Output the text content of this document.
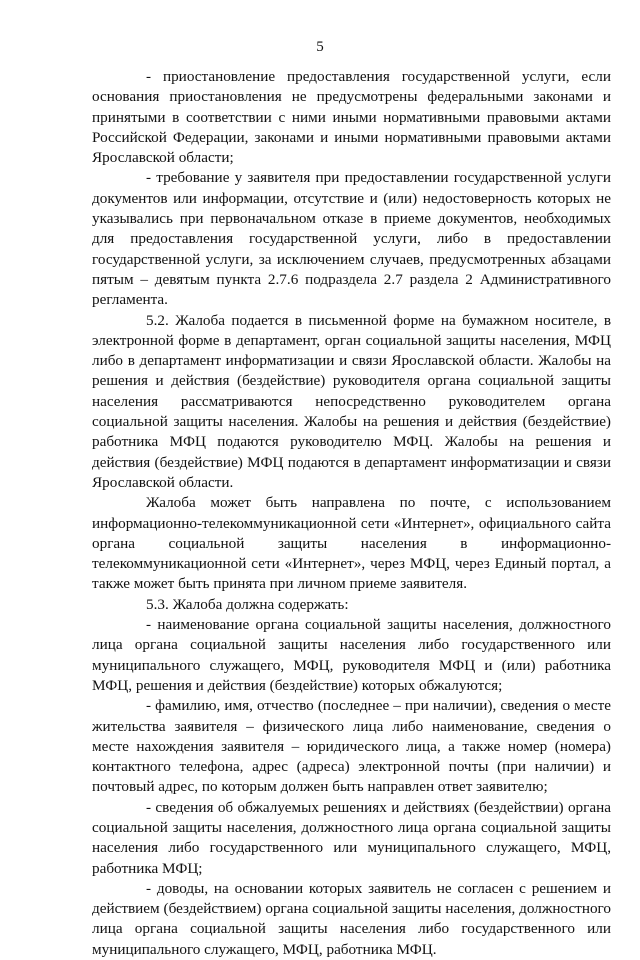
5

- приостановление предоставления государственной услуги, если основания приостановления не предусмотрены федеральными законами и принятыми в соответствии с ними иными нормативными правовыми актами Российской Федерации, законами и иными нормативными правовыми актами Ярославской области;

- требование у заявителя при предоставлении государственной услуги документов или информации, отсутствие и (или) недостоверность которых не указывались при первоначальном отказе в приеме документов, необходимых для предоставления государственной услуги, либо в предоставлении государственной услуги, за исключением случаев, предусмотренных абзацами пятым – девятым пункта 2.7.6 подраздела 2.7 раздела 2 Административного регламента.

5.2. Жалоба подается в письменной форме на бумажном носителе, в электронной форме в департамент, орган социальной защиты населения, МФЦ либо в департамент информатизации и связи Ярославской области. Жалобы на решения и действия (бездействие) руководителя органа социальной защиты населения рассматриваются непосредственно руководителем органа социальной защиты населения. Жалобы на решения и действия (бездействие) работника МФЦ подаются руководителю МФЦ. Жалобы на решения и действия (бездействие) МФЦ подаются в департамент информатизации и связи Ярославской области.

Жалоба может быть направлена по почте, с использованием информационно-телекоммуникационной сети «Интернет», официального сайта органа социальной защиты населения в информационно-телекоммуникационной сети «Интернет», через МФЦ, через Единый портал, а также может быть принята при личном приеме заявителя.

5.3. Жалоба должна содержать:

- наименование органа социальной защиты населения, должностного лица органа социальной защиты населения либо государственного или муниципального служащего, МФЦ, руководителя МФЦ и (или) работника МФЦ, решения и действия (бездействие) которых обжалуются;

- фамилию, имя, отчество (последнее – при наличии), сведения о месте жительства заявителя – физического лица либо наименование, сведения о месте нахождения заявителя – юридического лица, а также номер (номера) контактного телефона, адрес (адреса) электронной почты (при наличии) и почтовый адрес, по которым должен быть направлен ответ заявителю;

- сведения об обжалуемых решениях и действиях (бездействии) органа социальной защиты населения, должностного лица органа социальной защиты населения либо государственного или муниципального служащего, МФЦ, работника МФЦ;

- доводы, на основании которых заявитель не согласен с решением и действием (бездействием) органа социальной защиты населения, должностного лица органа социальной защиты населения либо государственного или муниципального служащего, МФЦ, работника МФЦ.
